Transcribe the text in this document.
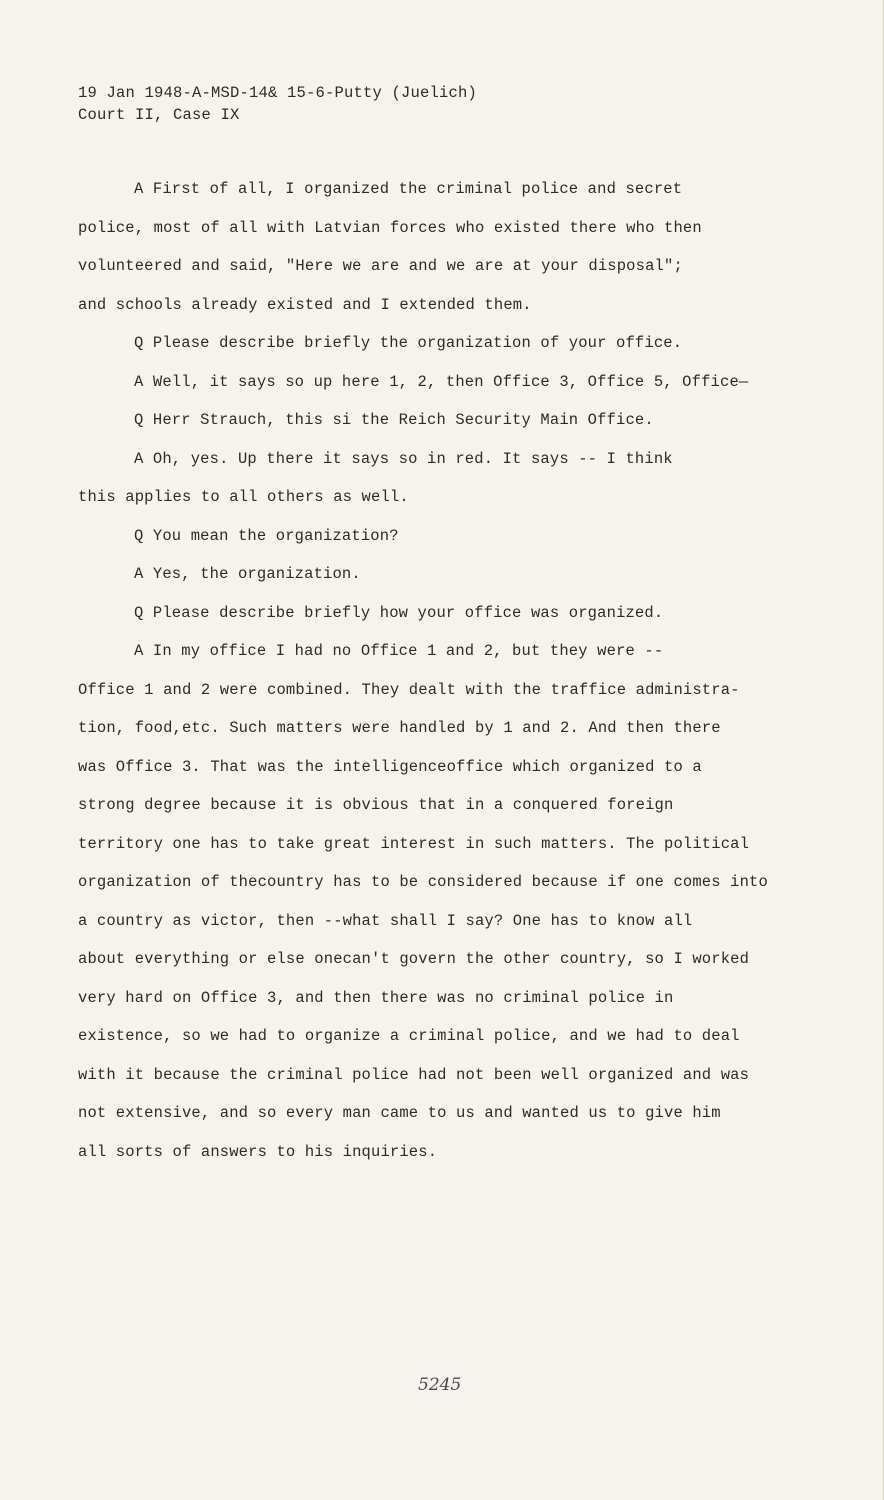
19 Jan 1948-A-MSD-14& 15-6-Putty (Juelich)
Court II, Case IX
A First of all, I organized the criminal police and secret
police, most of all with Latvian forces who existed there who then
volunteered and said, "Here we are and we are at your disposal";
and schools already existed and I extended them.
Q Please describe briefly the organization of your office.
A Well, it says so up here 1, 2, then Office 3, Office 5, Office—
Q Herr Strauch, this si the Reich Security Main Office.
A Oh, yes. Up there it says so in red. It says -- I think
this applies to all others as well.
Q You mean the organization?
A Yes, the organization.
Q Please describe briefly how your office was organized.
A In my office I had no Office 1 and 2, but they were --
Office 1 and 2 were combined. They dealt with the traffice administra-
tion, food,etc. Such matters were handled by 1 and 2. And then there
was Office 3. That was the intelligenceoffice which organized to a
strong degree because it is obvious that in a conquered foreign
territory one has to take great interest in such matters. The political
organization of thecountry has to be considered because if one comes into
a country as victor, then --what shall I say? One has to know all
about everything or else onecan't govern the other country, so I worked
very hard on Office 3, and then there was no criminal police in
existence, so we had to organize a criminal police, and we had to deal
with it because the criminal police had not been well organized and was
not extensive, and so every man came to us and wanted us to give him
all sorts of answers to his inquiries.
5245
